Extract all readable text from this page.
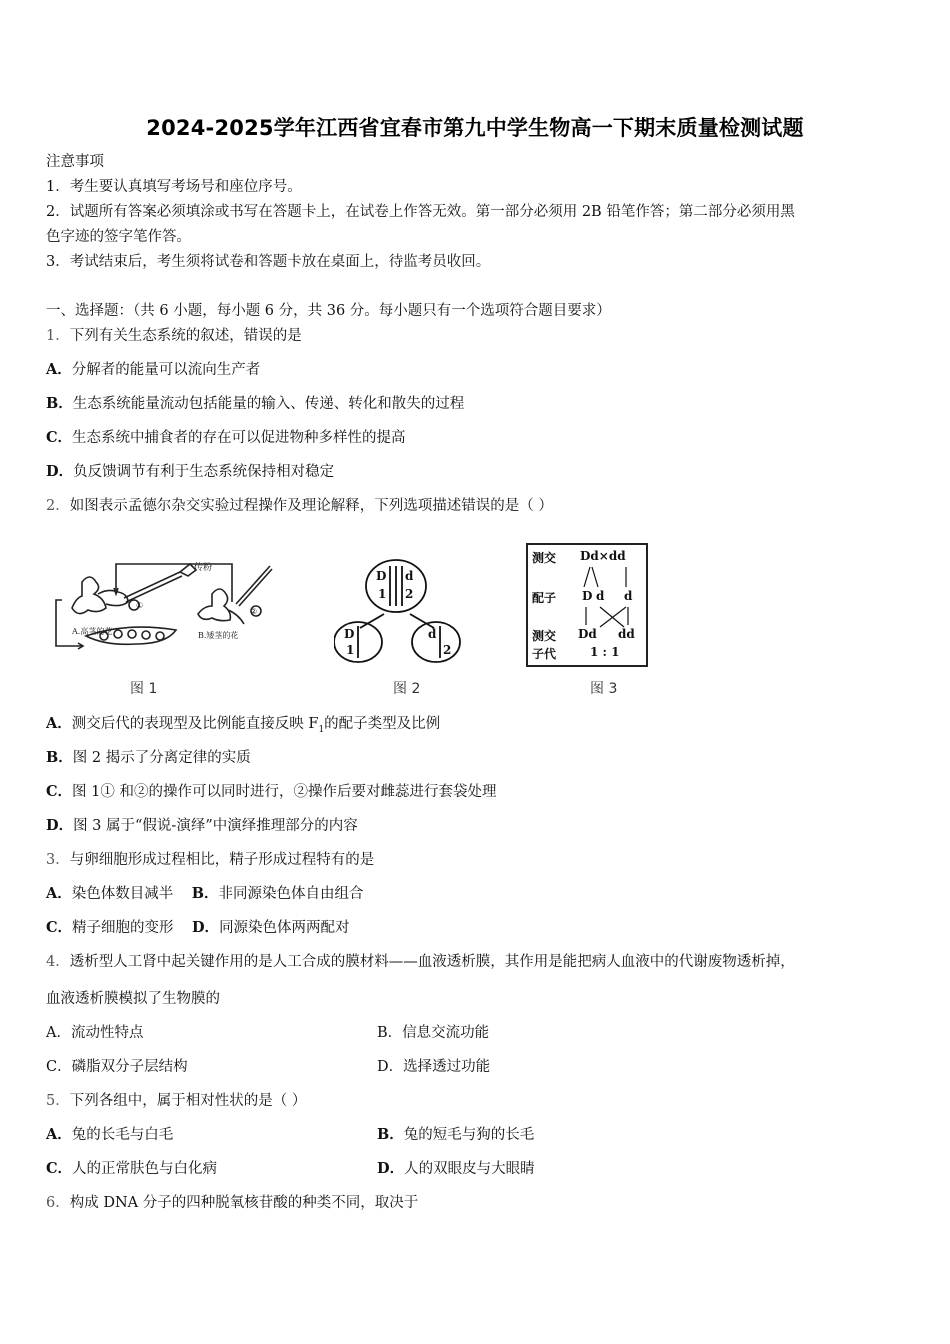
2024-2025学年江西省宜春市第九中学生物高一下期末质量检测试题
注意事项
1．考生要认真填写考场号和座位序号。
2．试题所有答案必须填涂或书写在答题卡上，在试卷上作答无效。第一部分必须用 2B 铅笔作答；第二部分必须用黑
色字迹的签字笔作答。
3．考试结束后，考生须将试卷和答题卡放在桌面上，待监考员收回。
一、选择题：（共 6 小题，每小题 6 分，共 36 分。每小题只有一个选项符合题目要求）
1．下列有关生态系统的叙述，错误的是
A．分解者的能量可以流向生产者
B．生态系统能量流动包括能量的输入、传递、转化和散失的过程
C．生态系统中捕食者的存在可以促进物种多样性的提高
D．负反馈调节有利于生态系统保持相对稳定
2．如图表示孟德尔杂交实验过程操作及理论解释，下列选项描述错误的是（ ）
①
②
传粉
A.高茎的花	B.矮茎的花
图 1
D
1
d
2
D
1
d
2
图 2
测交 Dd×dd
配子 D d d
测交 Dd dd
子代	1 : 1
图 3
A．测交后代的表现型及比例能直接反映 $F_1$的配子类型及比例
B．图 2 揭示了分离定律的实质
C．图 1① 和②的操作可以同时进行，②操作后要对雌蕊进行套袋处理
D．图 3 属于“假说-演绎”中演绎推理部分的内容
3．与卵细胞形成过程相比，精子形成过程特有的是
A．染色体数目减半 B．非同源染色体自由组合
C．精子细胞的变形 D．同源染色体两两配对
4．透析型人工肾中起关键作用的是人工合成的膜材料——血液透析膜，其作用是能把病人血液中的代谢废物透析掉，
血液透析膜模拟了生物膜的
A．流动性特点	B．信息交流功能
C．磷脂双分子层结构	D．选择透过功能
5．下列各组中，属于相对性状的是（ ）
A．兔的长毛与白毛	B．兔的短毛与狗的长毛
C．人的正常肤色与白化病	D．人的双眼皮与大眼睛
6．构成 DNA 分子的四种脱氧核苷酸的种类不同，取决于
